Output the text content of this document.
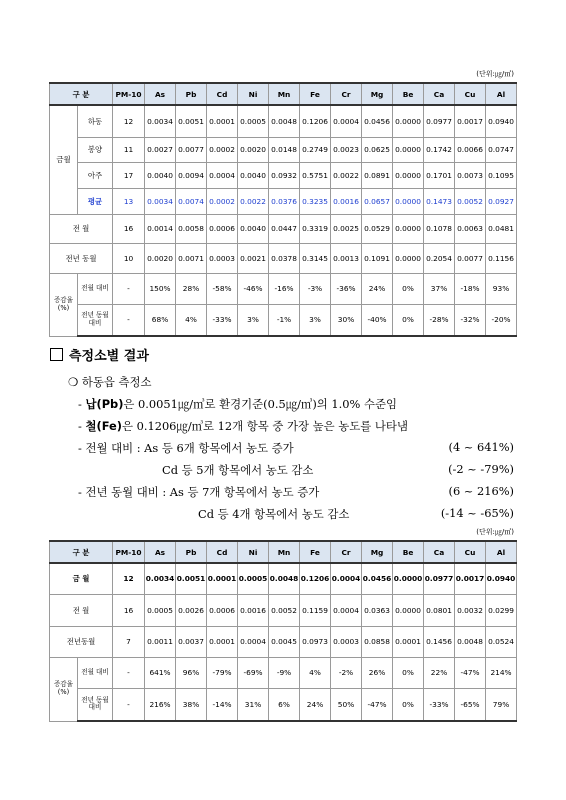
(단위:㎍/㎥)
구 분		PM-10	As	Pb	Cd	Ni	Mn	Fe	Cr	Mg	Be	Ca	Cu	Al
금월	하동	12	0.0034	0.0051	0.0001	0.0005	0.0048	0.1206	0.0004	0.0456	0.0000	0.0977	0.0017	0.0940
	봉양	11	0.0027	0.0077	0.0002	0.0020	0.0148	0.2749	0.0023	0.0625	0.0000	0.1742	0.0066	0.0747
	아주	17	0.0040	0.0094	0.0004	0.0040	0.0932	0.5751	0.0022	0.0891	0.0000	0.1701	0.0073	0.1095
	평균	13	0.0034	0.0074	0.0002	0.0022	0.0376	0.3235	0.0016	0.0657	0.0000	0.1473	0.0052	0.0927
전 월		16	0.0014	0.0058	0.0006	0.0040	0.0447	0.3319	0.0025	0.0529	0.0000	0.1078	0.0063	0.0481
전년 동월		10	0.0020	0.0071	0.0003	0.0021	0.0378	0.3145	0.0013	0.1091	0.0000	0.2054	0.0077	0.1156
증감율 (%)	전월 대비	-	150%	28%	-58%	-46%	-16%	-3%	-36%	24%	0%	37%	-18%	93%
	전년 동월 대비	-	68%	4%	-33%	3%	-1%	3%	30%	-40%	0%	-28%	-32%	-20%
측정소별 결과
❍ 하동읍 측정소
- 납(Pb)은 0.0051㎍/㎥로 환경기준(0.5㎍/㎥)의 1.0% 수준임
- 철(Fe)은 0.1206㎍/㎥로 12개 항목 중 가장 높은 농도를 나타냄
- 전월 대비 : As 등 6개 항목에서 농도 증가	(4 ~ 641%)
Cd 등 5개 항목에서 농도 감소	(-2 ~ -79%)
- 전년 동월 대비 : As 등 7개 항목에서 농도 증가	(6 ~ 216%)
Cd 등 4개 항목에서 농도 감소	(-14 ~ -65%)
(단위:㎍/㎥)
구 분		PM-10	As	Pb	Cd	Ni	Mn	Fe	Cr	Mg	Be	Ca	Cu	Al
금 월		12	0.0034	0.0051	0.0001	0.0005	0.0048	0.1206	0.0004	0.0456	0.0000	0.0977	0.0017	0.0940
전 월		16	0.0005	0.0026	0.0006	0.0016	0.0052	0.1159	0.0004	0.0363	0.0000	0.0801	0.0032	0.0299
전년동월		7	0.0011	0.0037	0.0001	0.0004	0.0045	0.0973	0.0003	0.0858	0.0001	0.1456	0.0048	0.0524
증감율 (%)	전월 대비	-	641%	96%	-79%	-69%	-9%	4%	-2%	26%	0%	22%	-47%	214%
	전년 동월 대비	-	216%	38%	-14%	31%	6%	24%	50%	-47%	0%	-33%	-65%	79%
